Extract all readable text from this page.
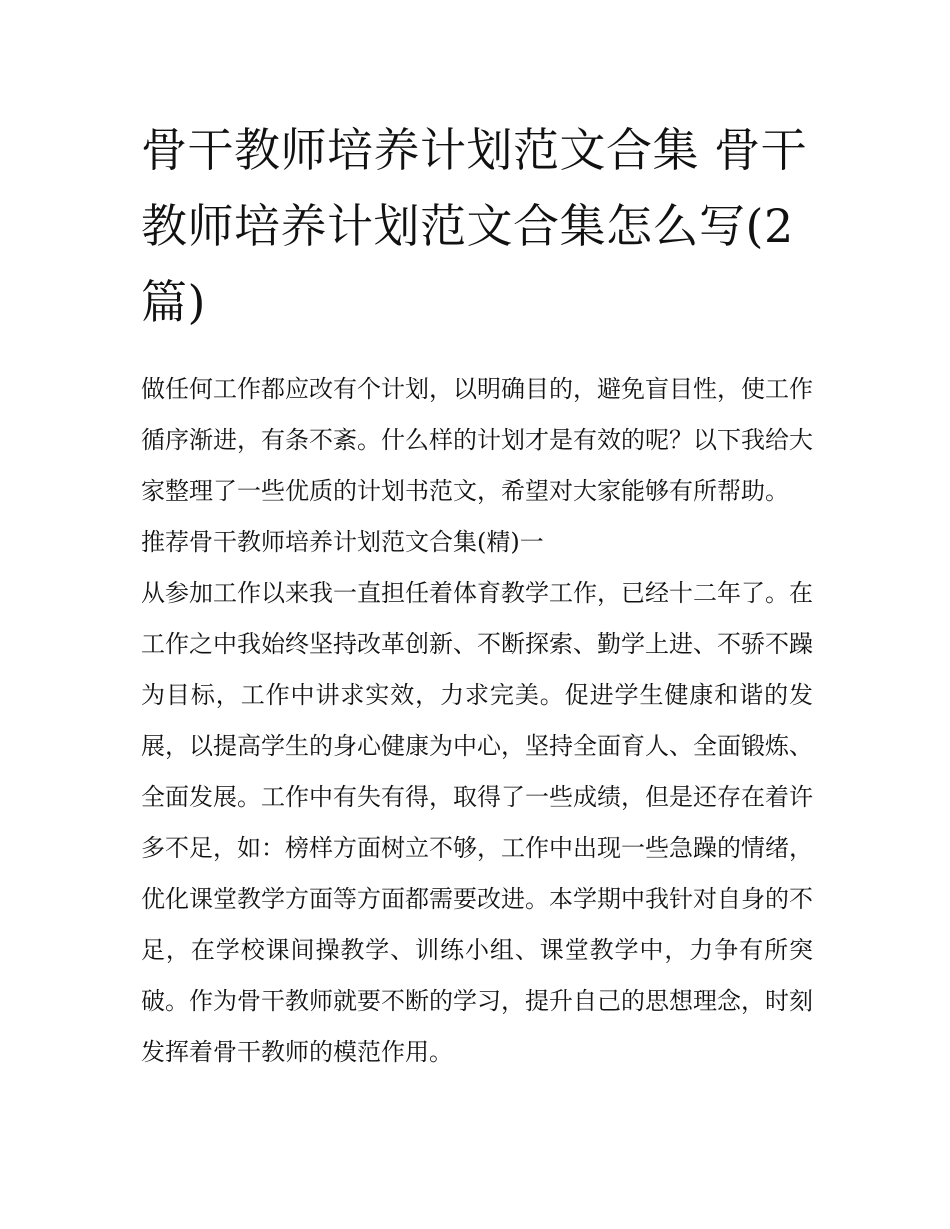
骨干教师培养计划范文合集 骨干教师培养计划范文合集怎么写(2篇)

做任何工作都应改有个计划，以明确目的，避免盲目性，使工作循序渐进，有条不紊。什么样的计划才是有效的呢？以下我给大家整理了一些优质的计划书范文，希望对大家能够有所帮助。

推荐骨干教师培养计划范文合集(精)一

从参加工作以来我一直担任着体育教学工作，已经十二年了。在工作之中我始终坚持改革创新、不断探索、勤学上进、不骄不躁为目标，工作中讲求实效，力求完美。促进学生健康和谐的发展，以提高学生的身心健康为中心，坚持全面育人、全面锻炼、全面发展。工作中有失有得，取得了一些成绩，但是还存在着许多不足，如：榜样方面树立不够，工作中出现一些急躁的情绪，优化课堂教学方面等方面都需要改进。本学期中我针对自身的不足，在学校课间操教学、训练小组、课堂教学中，力争有所突破。作为骨干教师就要不断的学习，提升自己的思想理念，时刻发挥着骨干教师的模范作用。
